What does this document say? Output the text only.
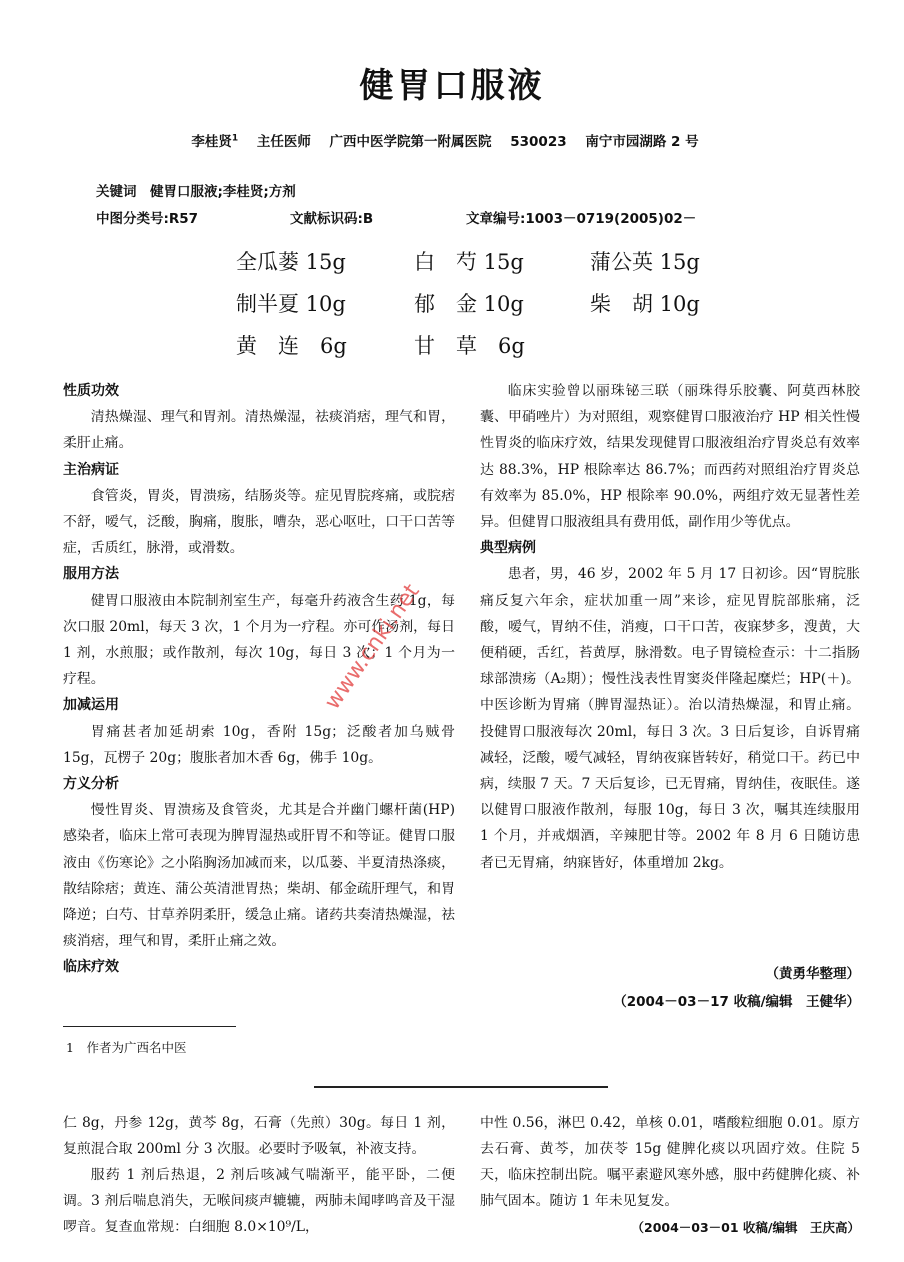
健胃口服液
李桂贤$^1$ 主任医师 广西中医学院第一附属医院 530023 南宁市园湖路 2 号
关键词　健胃口服液;李桂贤;方剂
中图分类号:R57	文献标识码:B	文章编号:1003－0719(2005)02－
全瓜蒌 15g	白　芍 15g	蒲公英 15g
制半夏 10g	郁　金 10g	柴　胡 10g
黄　连　6g	甘　草　6g
性质功效

清热燥湿、理气和胃剂。清热燥湿，祛痰消痞，理气和胃，柔肝止痛。

主治病证

食管炎，胃炎，胃溃疡，结肠炎等。症见胃脘疼痛，或脘痞不舒，嗳气，泛酸，胸痛，腹胀，嘈杂，恶心呕吐，口干口苦等症，舌质红，脉滑，或滑数。

服用方法

健胃口服液由本院制剂室生产，每毫升药液含生药 1g，每次口服 20ml，每天 3 次，1 个月为一疗程。亦可作汤剂，每日 1 剂，水煎服；或作散剂，每次 10g，每日 3 次；1 个月为一疗程。

加减运用

胃痛甚者加延胡索 10g，香附 15g；泛酸者加乌贼骨 15g，瓦楞子 20g；腹胀者加木香 6g，佛手 10g。

方义分析

慢性胃炎、胃溃疡及食管炎，尤其是合并幽门螺杆菌(HP)感染者，临床上常可表现为脾胃湿热或肝胃不和等证。健胃口服液由《伤寒论》之小陷胸汤加减而来，以瓜蒌、半夏清热涤痰，散结除痞；黄连、蒲公英清泄胃热；柴胡、郁金疏肝理气，和胃降逆；白芍、甘草养阴柔肝，缓急止痛。诸药共奏清热燥湿，祛痰消痞，理气和胃，柔肝止痛之效。

临床疗效

临床实验曾以丽珠铋三联（丽珠得乐胶囊、阿莫西林胶囊、甲硝唑片）为对照组，观察健胃口服液治疗 HP 相关性慢性胃炎的临床疗效，结果发现健胃口服液组治疗胃炎总有效率达 88.3%，HP 根除率达 86.7%；而西药对照组治疗胃炎总有效率为 85.0%，HP 根除率 90.0%，两组疗效无显著性差异。但健胃口服液组具有费用低，副作用少等优点。

典型病例

患者，男，46 岁，2002 年 5 月 17 日初诊。因“胃脘胀痛反复六年余，症状加重一周”来诊，症见胃脘部胀痛，泛酸，嗳气，胃纳不佳，消瘦，口干口苦，夜寐梦多，溲黄，大便稍硬，舌红，苔黄厚，脉滑数。电子胃镜检查示：十二指肠球部溃疡（A₂期）；慢性浅表性胃窦炎伴隆起糜烂；HP(＋)。中医诊断为胃痛（脾胃湿热证）。治以清热燥湿，和胃止痛。投健胃口服液每次 20ml，每日 3 次。3 日后复诊，自诉胃痛减轻，泛酸，嗳气减轻，胃纳夜寐皆转好，稍觉口干。药已中病，续服 7 天。7 天后复诊，已无胃痛，胃纳佳，夜眠佳。遂以健胃口服液作散剂，每服 10g，每日 3 次，嘱其连续服用 1 个月，并戒烟酒，辛辣肥甘等。2002 年 8 月 6 日随访患者已无胃痛，纳寐皆好，体重增加 2kg。

（黄勇华整理）
（2004－03－17 收稿/编辑　王健华）
1　作者为广西名中医

仁 8g，丹参 12g，黄芩 8g，石膏（先煎）30g。每日 1 剂，复煎混合取 200ml 分 3 次服。必要时予吸氧，补液支持。

服药 1 剂后热退，2 剂后咳减气喘渐平，能平卧，二便调。3 剂后喘息消失，无喉间痰声辘辘，两肺未闻哮鸣音及干湿啰音。复查血常规：白细胞 8.0×10⁹/L，

中性 0.56，淋巴 0.42，单核 0.01，嗜酸粒细胞 0.01。原方去石膏、黄芩，加茯苓 15g 健脾化痰以巩固疗效。住院 5 天，临床控制出院。嘱平素避风寒外感，服中药健脾化痰、补肺气固本。随访 1 年未见复发。

（2004－03－01 收稿/编辑　王庆高）
www.cnki.net
